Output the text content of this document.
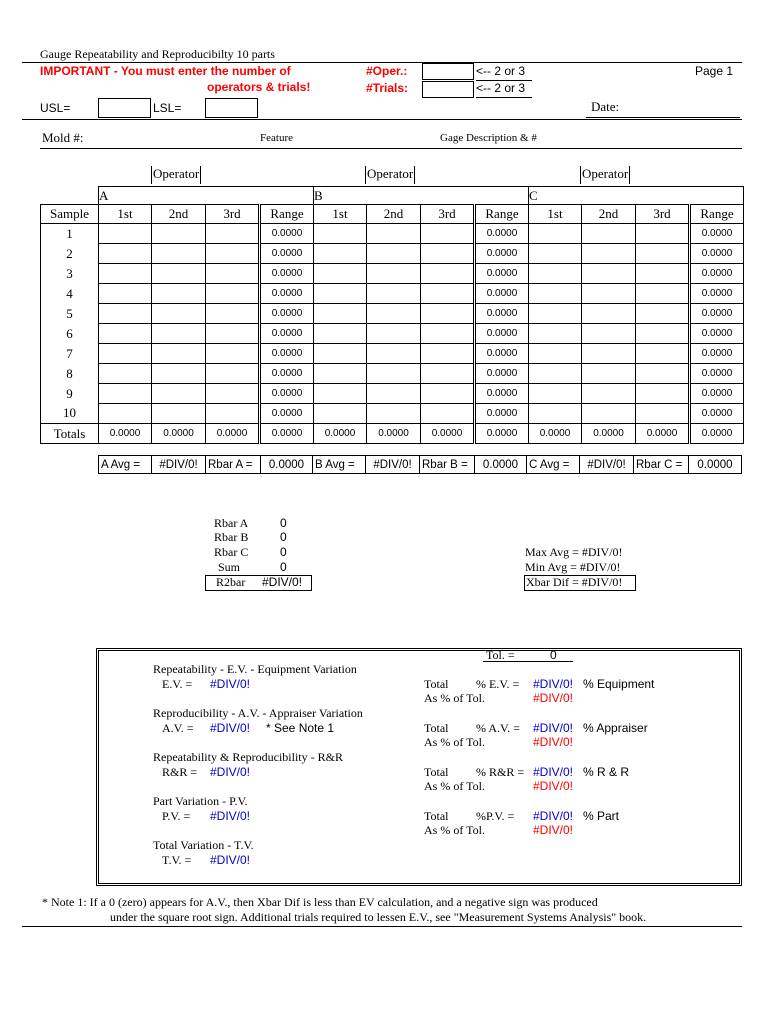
Gauge Repeatability and Reproducibilty 10 parts
IMPORTANT - You must enter the number of
operators & trials!
#Oper.:	<-- 2 or 3
#Trials:	<-- 2 or 3
Page 1
USL=	LSL=	Date:
Mold #:	Feature	Gage Description & #
Operator	Operator	Operator
	A				B				C			
Sample	1st	2nd	3rd	Range	1st	2nd	3rd	Range	1st	2nd	3rd	Range
1				0.0000				0.0000				0.0000
2				0.0000				0.0000				0.0000
3				0.0000				0.0000				0.0000
4				0.0000				0.0000				0.0000
5				0.0000				0.0000				0.0000
6				0.0000				0.0000				0.0000
7				0.0000				0.0000				0.0000
8				0.0000				0.0000				0.0000
9				0.0000				0.0000				0.0000
10				0.0000				0.0000				0.0000
Totals	0.0000	0.0000	0.0000	0.0000	0.0000	0.0000	0.0000	0.0000	0.0000	0.0000	0.0000	0.0000
A Avg =	#DIV/0!	Rbar A =	0.0000	B Avg =	#DIV/0!	Rbar B =	0.0000	C Avg =	#DIV/0!	Rbar C =	0.0000
Rbar A	0
Rbar B	0
Rbar C	0
Sum	0
R2bar #DIV/0!
Max Avg = #DIV/0!
Min Avg = #DIV/0!
Xbar Dif = #DIV/0!
Tol. =	0
Repeatability - E.V. - Equipment Variation
E.V. = #DIV/0!
Reproducibility - A.V. - Appraiser Variation
A.V. = #DIV/0! * See Note 1
Repeatability & Reproducibility - R&R
R&R = #DIV/0!
Part Variation - P.V.
P.V. = #DIV/0!
Total Variation - T.V.
T.V. = #DIV/0!
Total % E.V. = #DIV/0! % Equipment
As % of Tol.	#DIV/0!
Total % A.V. = #DIV/0! % Appraiser
As % of Tol.	#DIV/0!
Total % R&R = #DIV/0! % R & R
As % of Tol.	#DIV/0!
Total %P.V. = #DIV/0! % Part
As % of Tol.	#DIV/0!
* Note 1: If a 0 (zero) appears for A.V., then Xbar Dif is less than EV calculation, and a negative sign was produced
under the square root sign. Additional trials required to lessen E.V., see "Measurement Systems Analysis" book.
